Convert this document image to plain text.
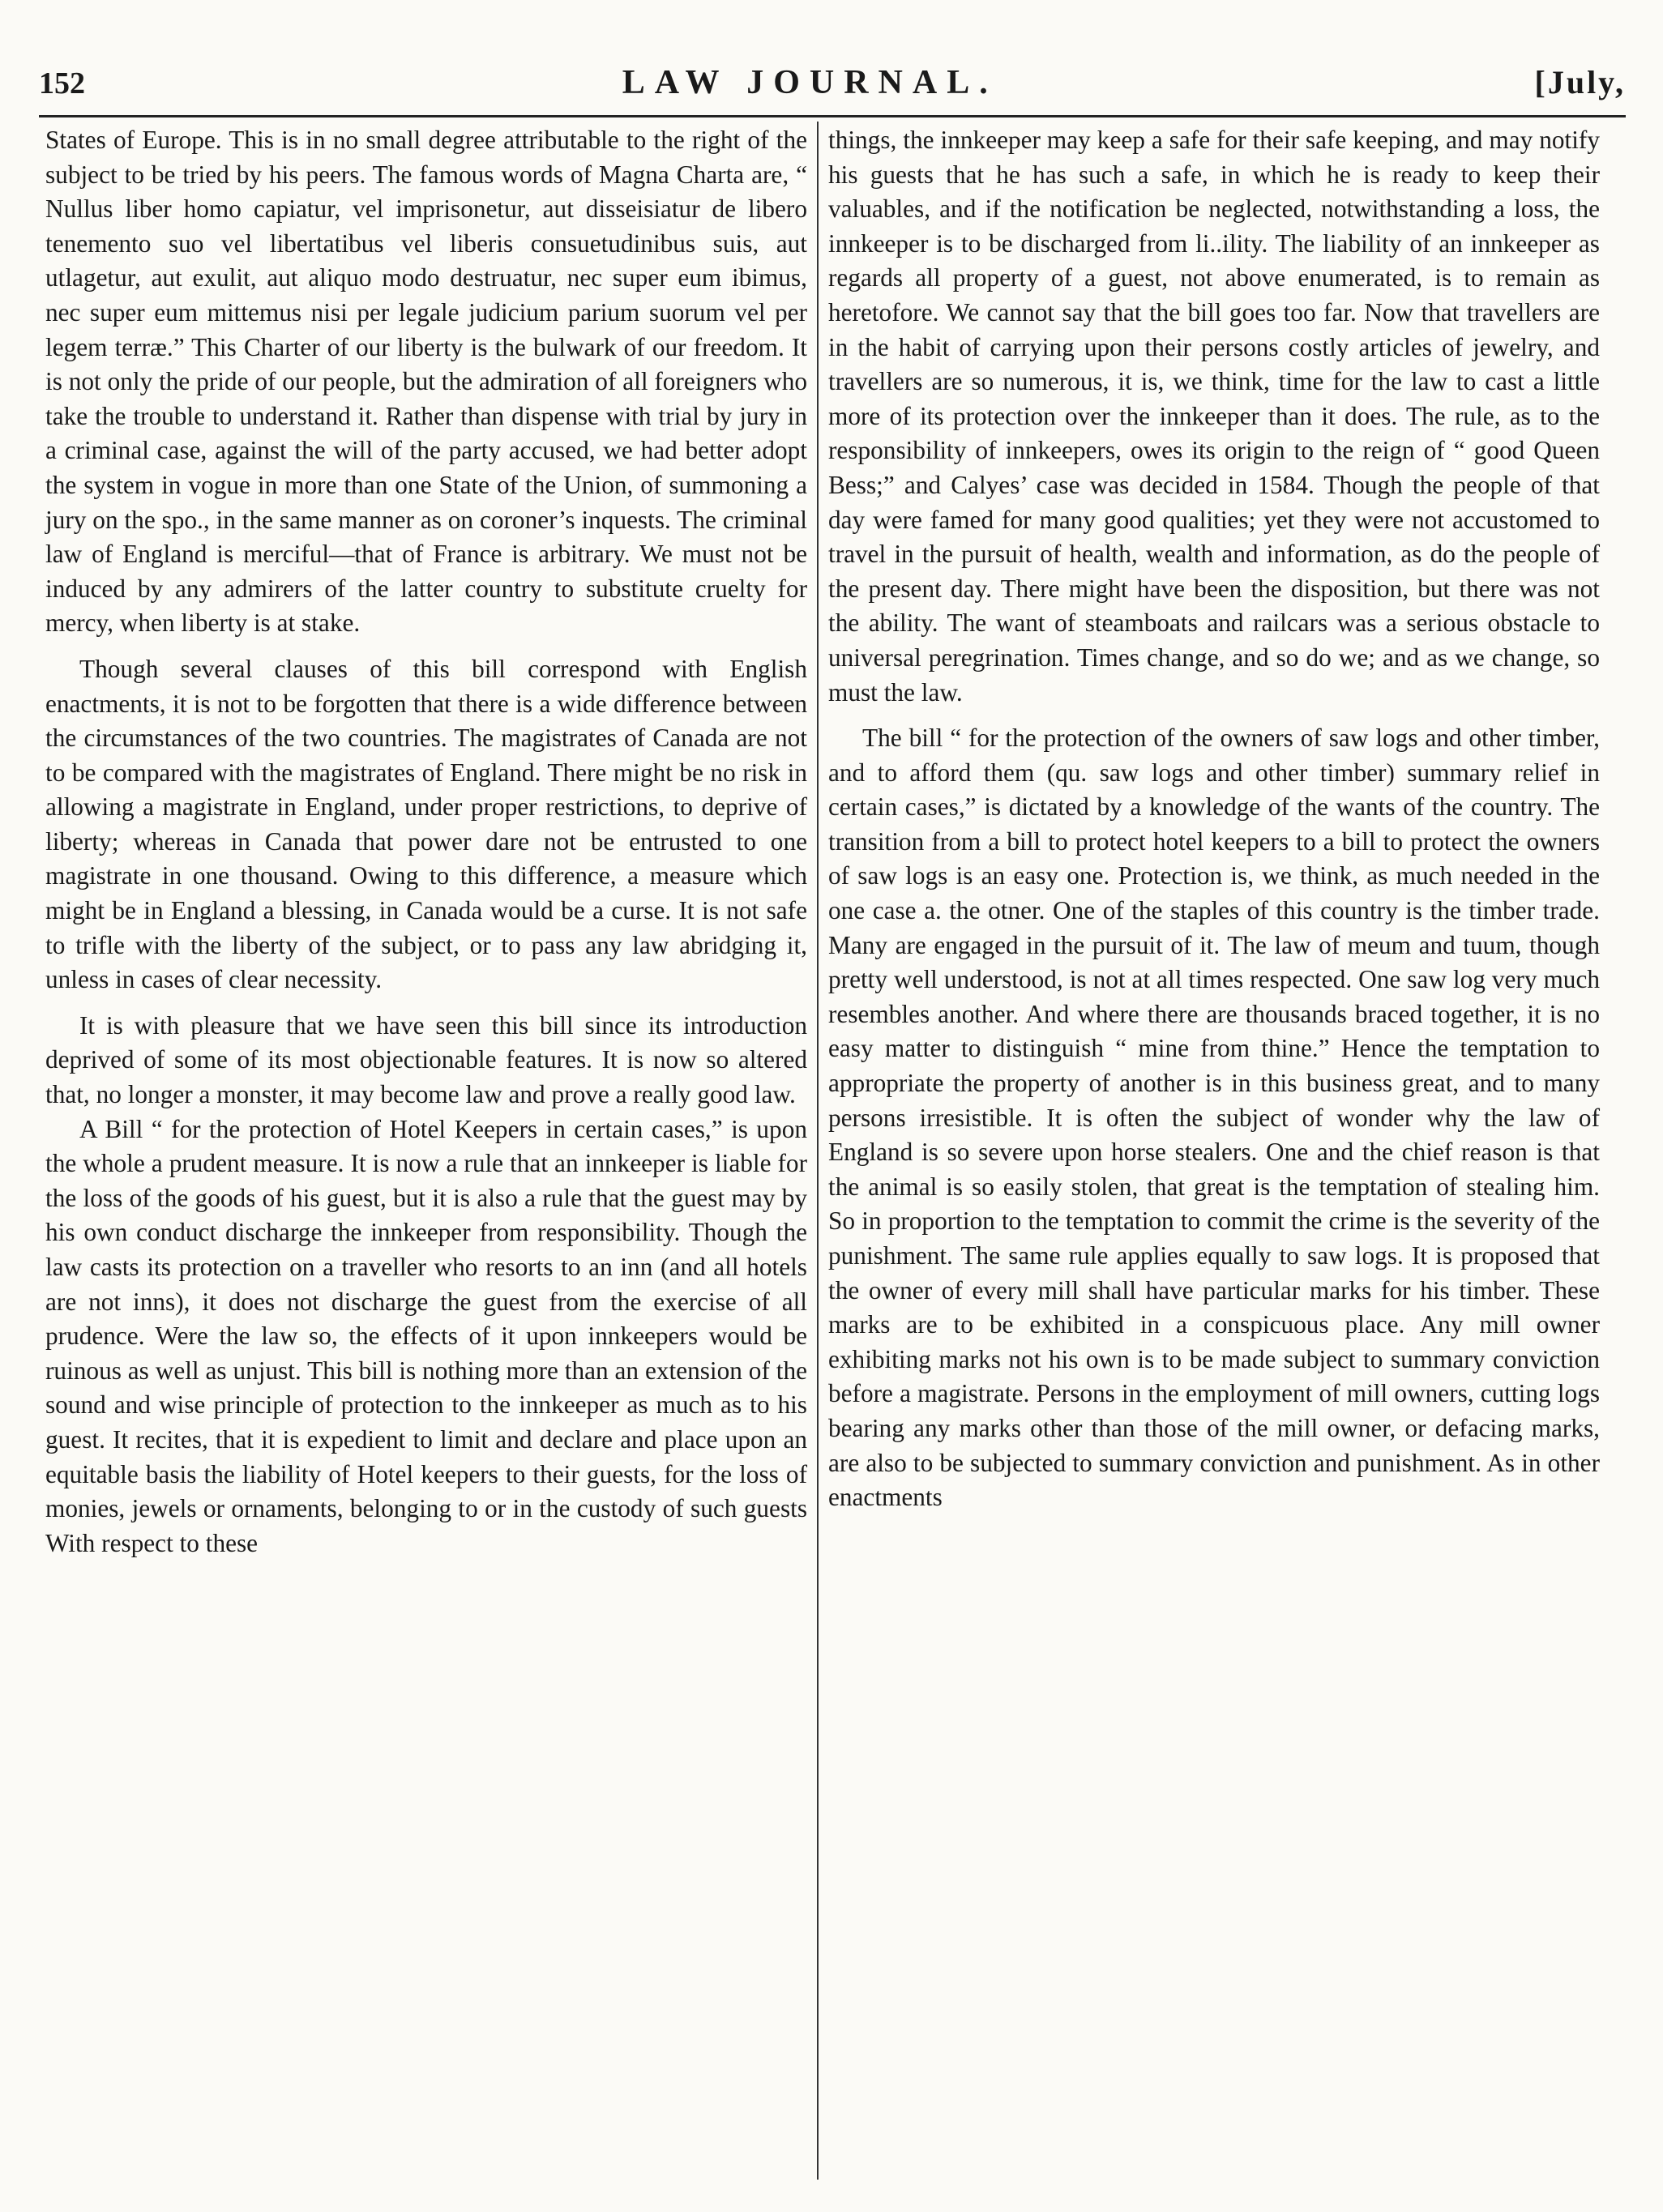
152	LAW JOURNAL.	[July,

States of Europe. This is in no small degree attributable to the right of the subject to be tried by his peers. The famous words of Magna Charta are, “ Nullus liber homo capiatur, vel imprisonetur, aut disseisiatur de libero tenemento suo vel libertatibus vel liberis consuetudinibus suis, aut utlagetur, aut exulit, aut aliquo modo destruatur, nec super eum ibimus, nec super eum mittemus nisi per legale judicium parium suorum vel per legem terræ.” This Charter of our liberty is the bulwark of our freedom. It is not only the pride of our people, but the admiration of all foreigners who take the trouble to understand it. Rather than dispense with trial by jury in a criminal case, against the will of the party accused, we had better adopt the system in vogue in more than one State of the Union, of summoning a jury on the spo., in the same manner as on coroner’s inquests. The criminal law of England is merciful—that of France is arbitrary. We must not be induced by any admirers of the latter country to substitute cruelty for mercy, when liberty is at stake.

Though several clauses of this bill correspond with English enactments, it is not to be forgotten that there is a wide difference between the circumstances of the two countries. The magistrates of Canada are not to be compared with the magistrates of England. There might be no risk in allowing a magistrate in England, under proper restrictions, to deprive of liberty; whereas in Canada that power dare not be entrusted to one magistrate in one thousand. Owing to this difference, a measure which might be in England a blessing, in Canada would be a curse. It is not safe to trifle with the liberty of the subject, or to pass any law abridging it, unless in cases of clear necessity.

It is with pleasure that we have seen this bill since its introduction deprived of some of its most objectionable features. It is now so altered that, no longer a monster, it may become law and prove a really good law.

A Bill “ for the protection of Hotel Keepers in certain cases,” is upon the whole a prudent measure. It is now a rule that an innkeeper is liable for the loss of the goods of his guest, but it is also a rule that the guest may by his own conduct discharge the innkeeper from responsibility. Though the law casts its protection on a traveller who resorts to an inn (and all hotels are not inns), it does not discharge the guest from the exercise of all prudence. Were the law so, the effects of it upon innkeepers would be ruinous as well as unjust. This bill is nothing more than an extension of the sound and wise principle of protection to the innkeeper as much as to his guest. It recites, that it is expedient to limit and declare and place upon an equitable basis the liability of Hotel keepers to their guests, for the loss of monies, jewels or ornaments, belonging to or in the custody of such guests With respect to these

things, the innkeeper may keep a safe for their safe keeping, and may notify his guests that he has such a safe, in which he is ready to keep their valuables, and if the notification be neglected, notwithstanding a loss, the innkeeper is to be discharged from li..ility. The liability of an innkeeper as regards all property of a guest, not above enumerated, is to remain as heretofore. We cannot say that the bill goes too far. Now that travellers are in the habit of carrying upon their persons costly articles of jewelry, and travellers are so numerous, it is, we think, time for the law to cast a little more of its protection over the innkeeper than it does. The rule, as to the responsibility of innkeepers, owes its origin to the reign of “ good Queen Bess;” and Calyes’ case was decided in 1584. Though the people of that day were famed for many good qualities; yet they were not accustomed to travel in the pursuit of health, wealth and information, as do the people of the present day. There might have been the disposition, but there was not the ability. The want of steamboats and railcars was a serious obstacle to universal peregrination. Times change, and so do we; and as we change, so must the law.

The bill “ for the protection of the owners of saw logs and other timber, and to afford them (qu. saw logs and other timber) summary relief in certain cases,” is dictated by a knowledge of the wants of the country. The transition from a bill to protect hotel keepers to a bill to protect the owners of saw logs is an easy one. Protection is, we think, as much needed in the one case a. the otner. One of the staples of this country is the timber trade. Many are engaged in the pursuit of it. The law of meum and tuum, though pretty well understood, is not at all times respected. One saw log very much resembles another. And where there are thousands braced together, it is no easy matter to distinguish “ mine from thine.” Hence the temptation to appropriate the property of another is in this business great, and to many persons irresistible. It is often the subject of wonder why the law of England is so severe upon horse stealers. One and the chief reason is that the animal is so easily stolen, that great is the temptation of stealing him. So in proportion to the temptation to commit the crime is the severity of the punishment. The same rule applies equally to saw logs. It is proposed that the owner of every mill shall have particular marks for his timber. These marks are to be exhibited in a conspicuous place. Any mill owner exhibiting marks not his own is to be made subject to summary conviction before a magistrate. Persons in the employment of mill owners, cutting logs bearing any marks other than those of the mill owner, or defacing marks, are also to be subjected to summary conviction and punishment. As in other enactments
